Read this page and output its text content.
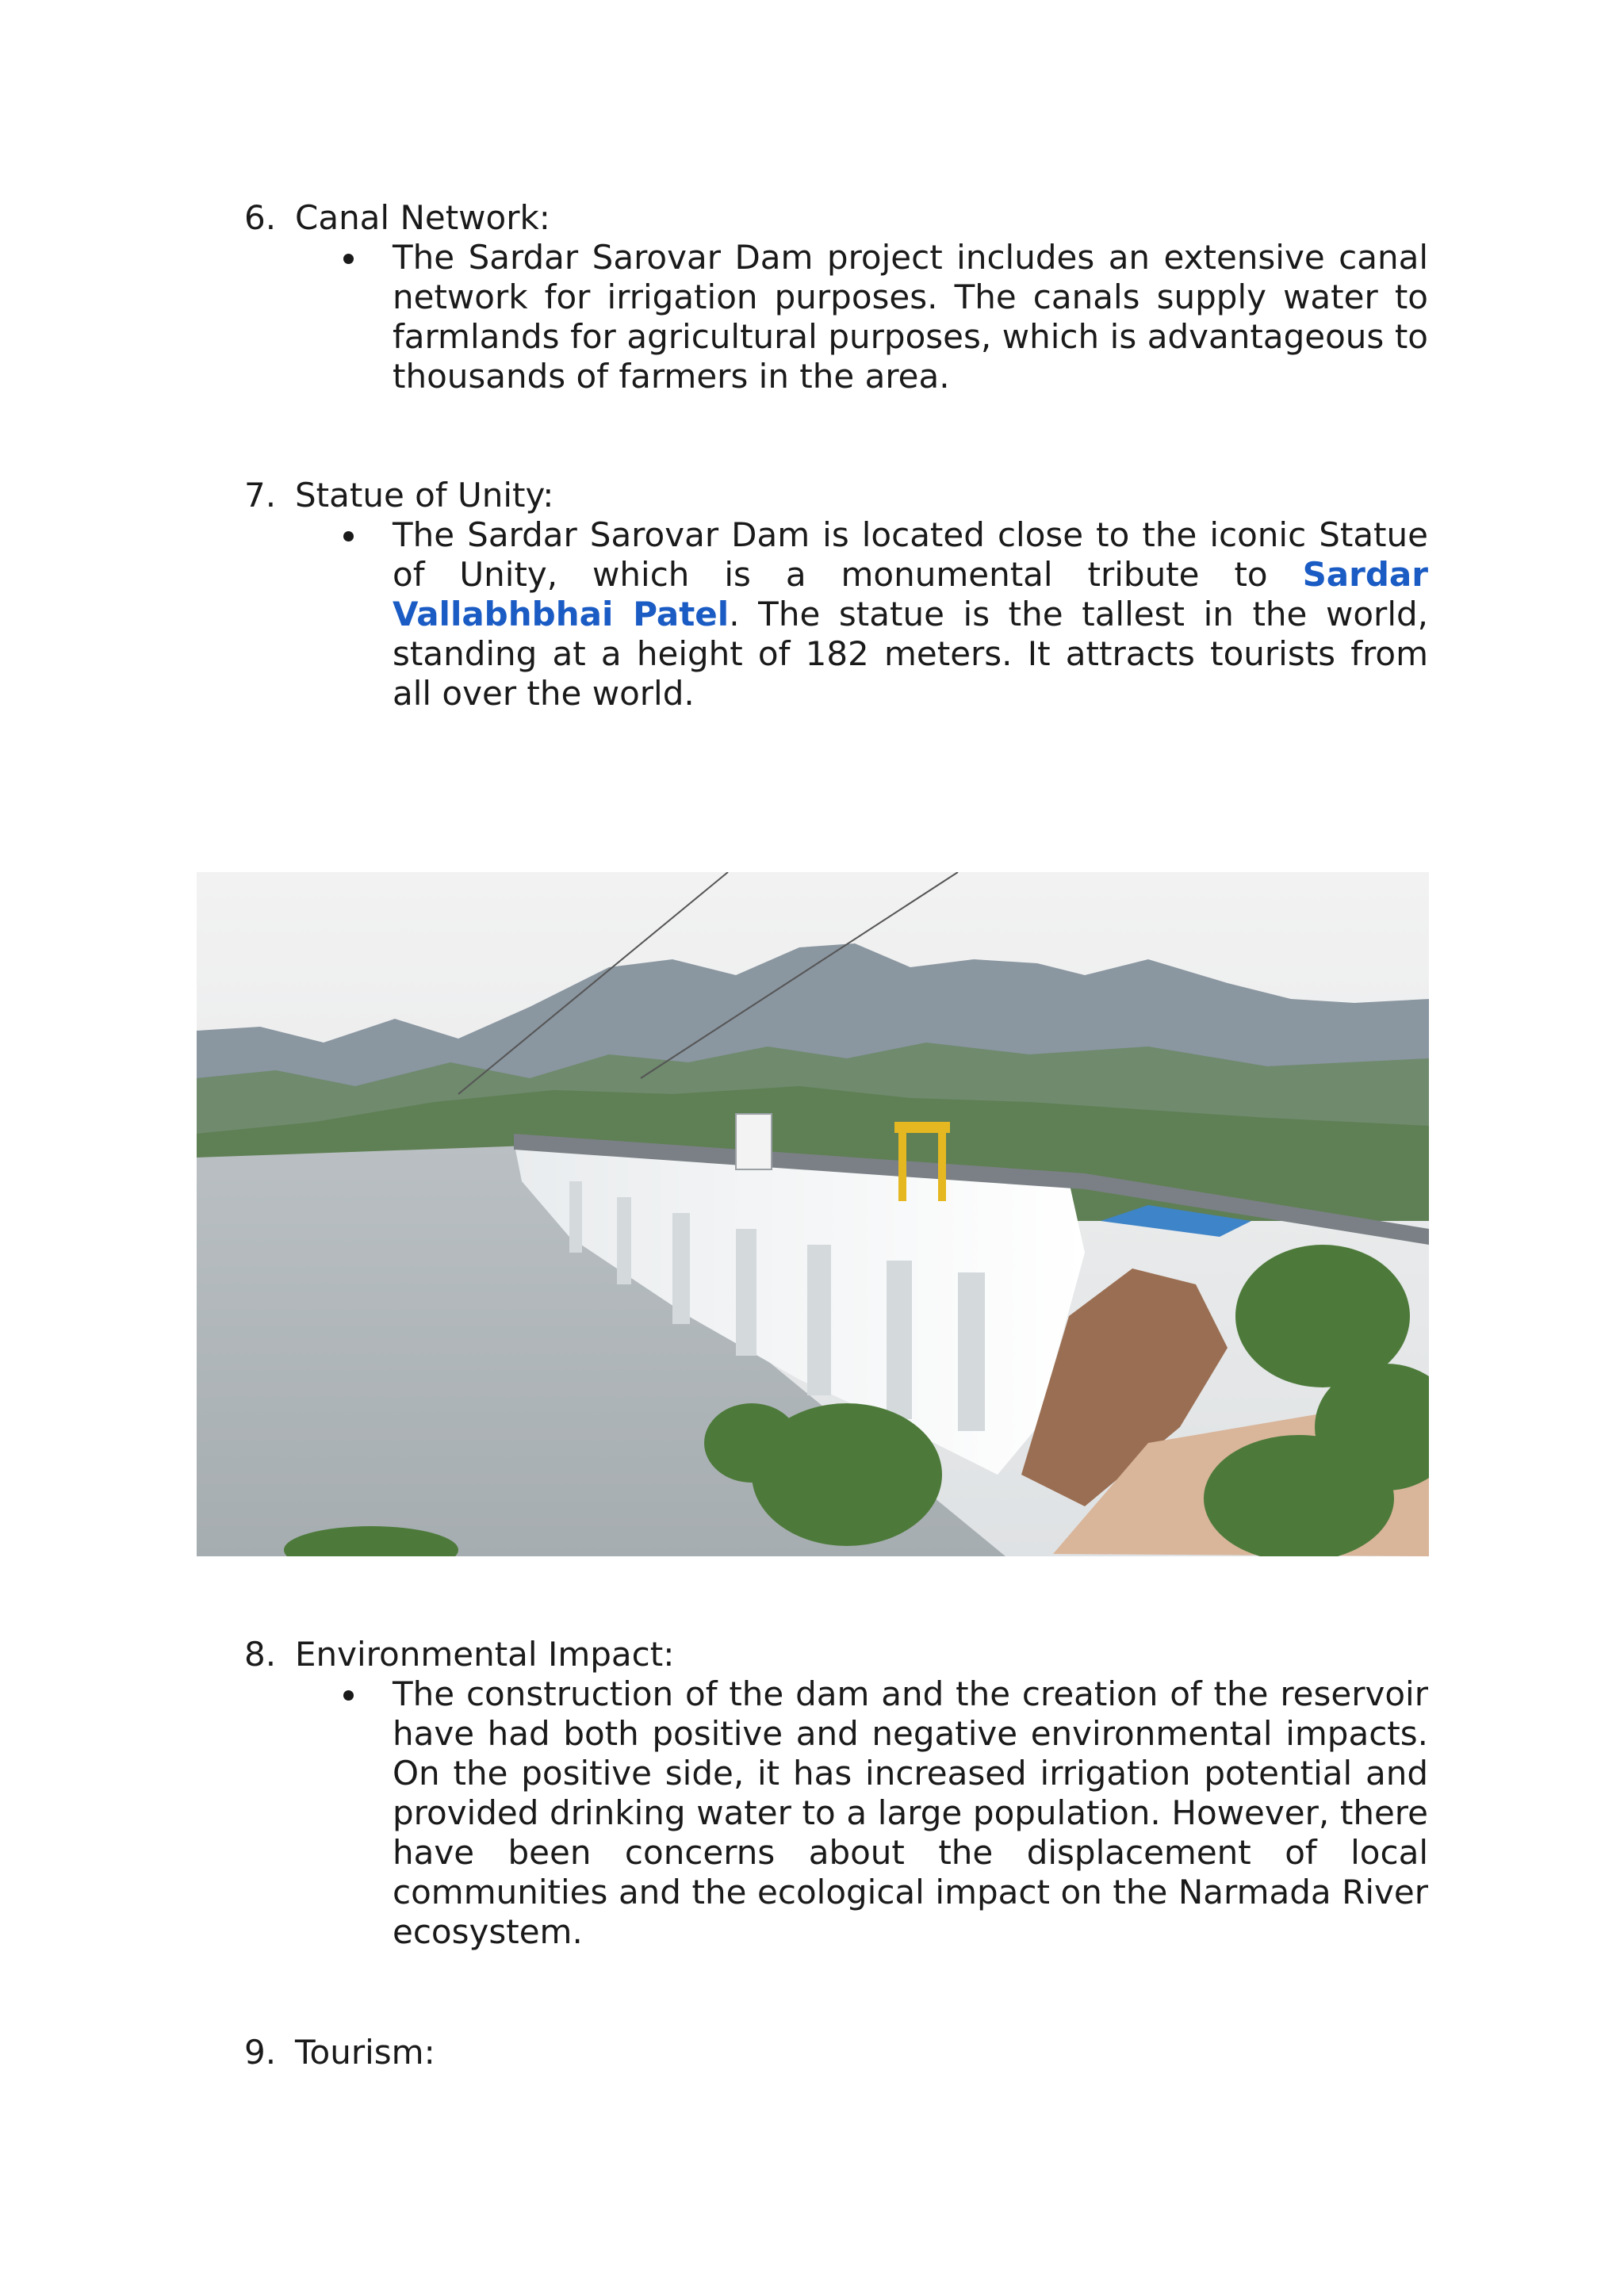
6. Canal Network:
The Sardar Sarovar Dam project includes an extensive canal network for irrigation purposes. The canals supply water to farmlands for agricultural purposes, which is advantageous to thousands of farmers in the area.
7. Statue of Unity:
The Sardar Sarovar Dam is located close to the iconic Statue of Unity, which is a monumental tribute to Sardar Vallabhbhai Patel. The statue is the tallest in the world, standing at a height of 182 meters. It attracts tourists from all over the world.
8. Environmental Impact:
The construction of the dam and the creation of the reservoir have had both positive and negative environmental impacts. On the positive side, it has increased irrigation potential and provided drinking water to a large population. However, there have been concerns about the displacement of local communities and the ecological impact on the Narmada River ecosystem.
9. Tourism:
